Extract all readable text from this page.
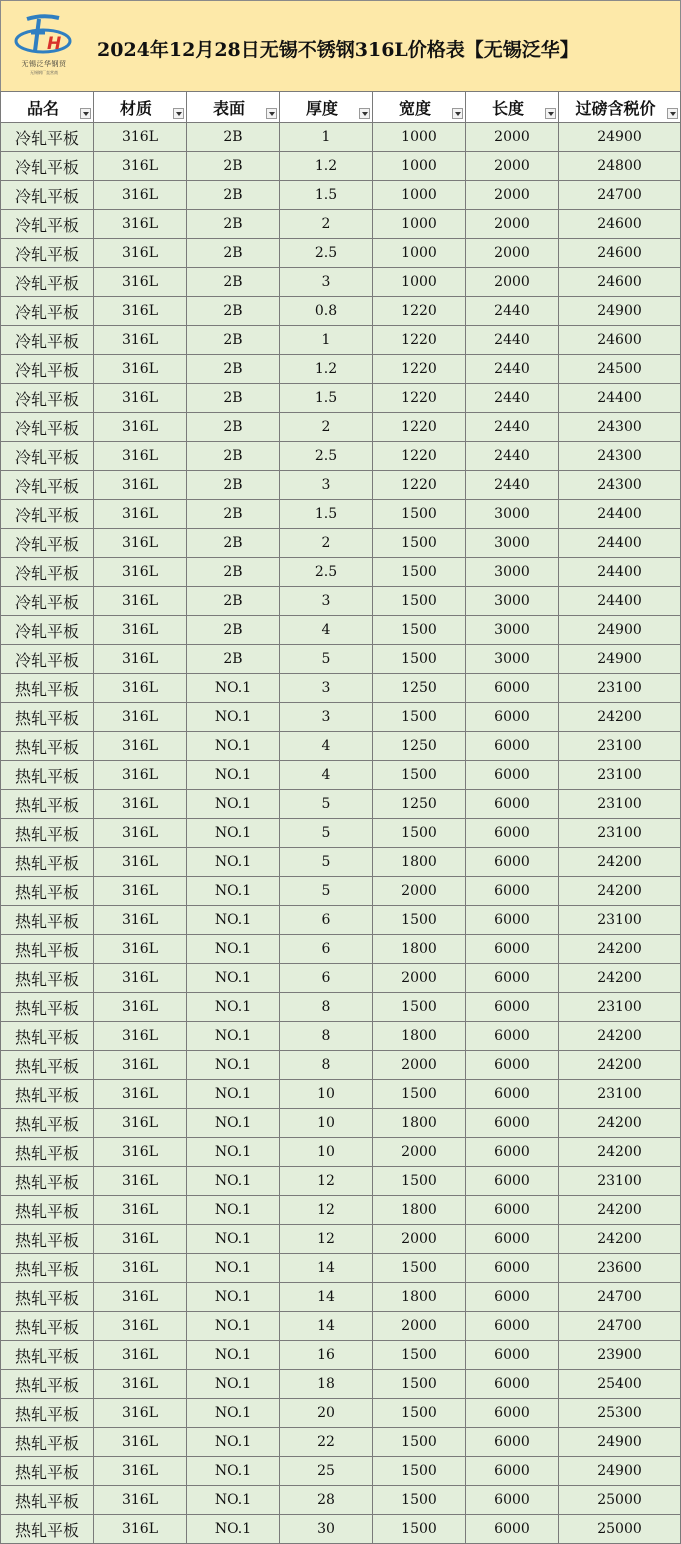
H
无锡泛华钢贸
无锡钢厂直营商
2024年12月28日无锡不锈钢316L价格表【无锡泛华】
品名	材质	表面	厚度	宽度	长度	过磅含税价

冷轧平板	316L	2B	1	1000	2000	24900
冷轧平板	316L	2B	1.2	1000	2000	24800
冷轧平板	316L	2B	1.5	1000	2000	24700
冷轧平板	316L	2B	2	1000	2000	24600
冷轧平板	316L	2B	2.5	1000	2000	24600
冷轧平板	316L	2B	3	1000	2000	24600
冷轧平板	316L	2B	0.8	1220	2440	24900
冷轧平板	316L	2B	1	1220	2440	24600
冷轧平板	316L	2B	1.2	1220	2440	24500
冷轧平板	316L	2B	1.5	1220	2440	24400
冷轧平板	316L	2B	2	1220	2440	24300
冷轧平板	316L	2B	2.5	1220	2440	24300
冷轧平板	316L	2B	3	1220	2440	24300
冷轧平板	316L	2B	1.5	1500	3000	24400
冷轧平板	316L	2B	2	1500	3000	24400
冷轧平板	316L	2B	2.5	1500	3000	24400
冷轧平板	316L	2B	3	1500	3000	24400
冷轧平板	316L	2B	4	1500	3000	24900
冷轧平板	316L	2B	5	1500	3000	24900
热轧平板	316L	NO.1	3	1250	6000	23100
热轧平板	316L	NO.1	3	1500	6000	24200
热轧平板	316L	NO.1	4	1250	6000	23100
热轧平板	316L	NO.1	4	1500	6000	23100
热轧平板	316L	NO.1	5	1250	6000	23100
热轧平板	316L	NO.1	5	1500	6000	23100
热轧平板	316L	NO.1	5	1800	6000	24200
热轧平板	316L	NO.1	5	2000	6000	24200
热轧平板	316L	NO.1	6	1500	6000	23100
热轧平板	316L	NO.1	6	1800	6000	24200
热轧平板	316L	NO.1	6	2000	6000	24200
热轧平板	316L	NO.1	8	1500	6000	23100
热轧平板	316L	NO.1	8	1800	6000	24200
热轧平板	316L	NO.1	8	2000	6000	24200
热轧平板	316L	NO.1	10	1500	6000	23100
热轧平板	316L	NO.1	10	1800	6000	24200
热轧平板	316L	NO.1	10	2000	6000	24200
热轧平板	316L	NO.1	12	1500	6000	23100
热轧平板	316L	NO.1	12	1800	6000	24200
热轧平板	316L	NO.1	12	2000	6000	24200
热轧平板	316L	NO.1	14	1500	6000	23600
热轧平板	316L	NO.1	14	1800	6000	24700
热轧平板	316L	NO.1	14	2000	6000	24700
热轧平板	316L	NO.1	16	1500	6000	23900
热轧平板	316L	NO.1	18	1500	6000	25400
热轧平板	316L	NO.1	20	1500	6000	25300
热轧平板	316L	NO.1	22	1500	6000	24900
热轧平板	316L	NO.1	25	1500	6000	24900
热轧平板	316L	NO.1	28	1500	6000	25000
热轧平板	316L	NO.1	30	1500	6000	25000
